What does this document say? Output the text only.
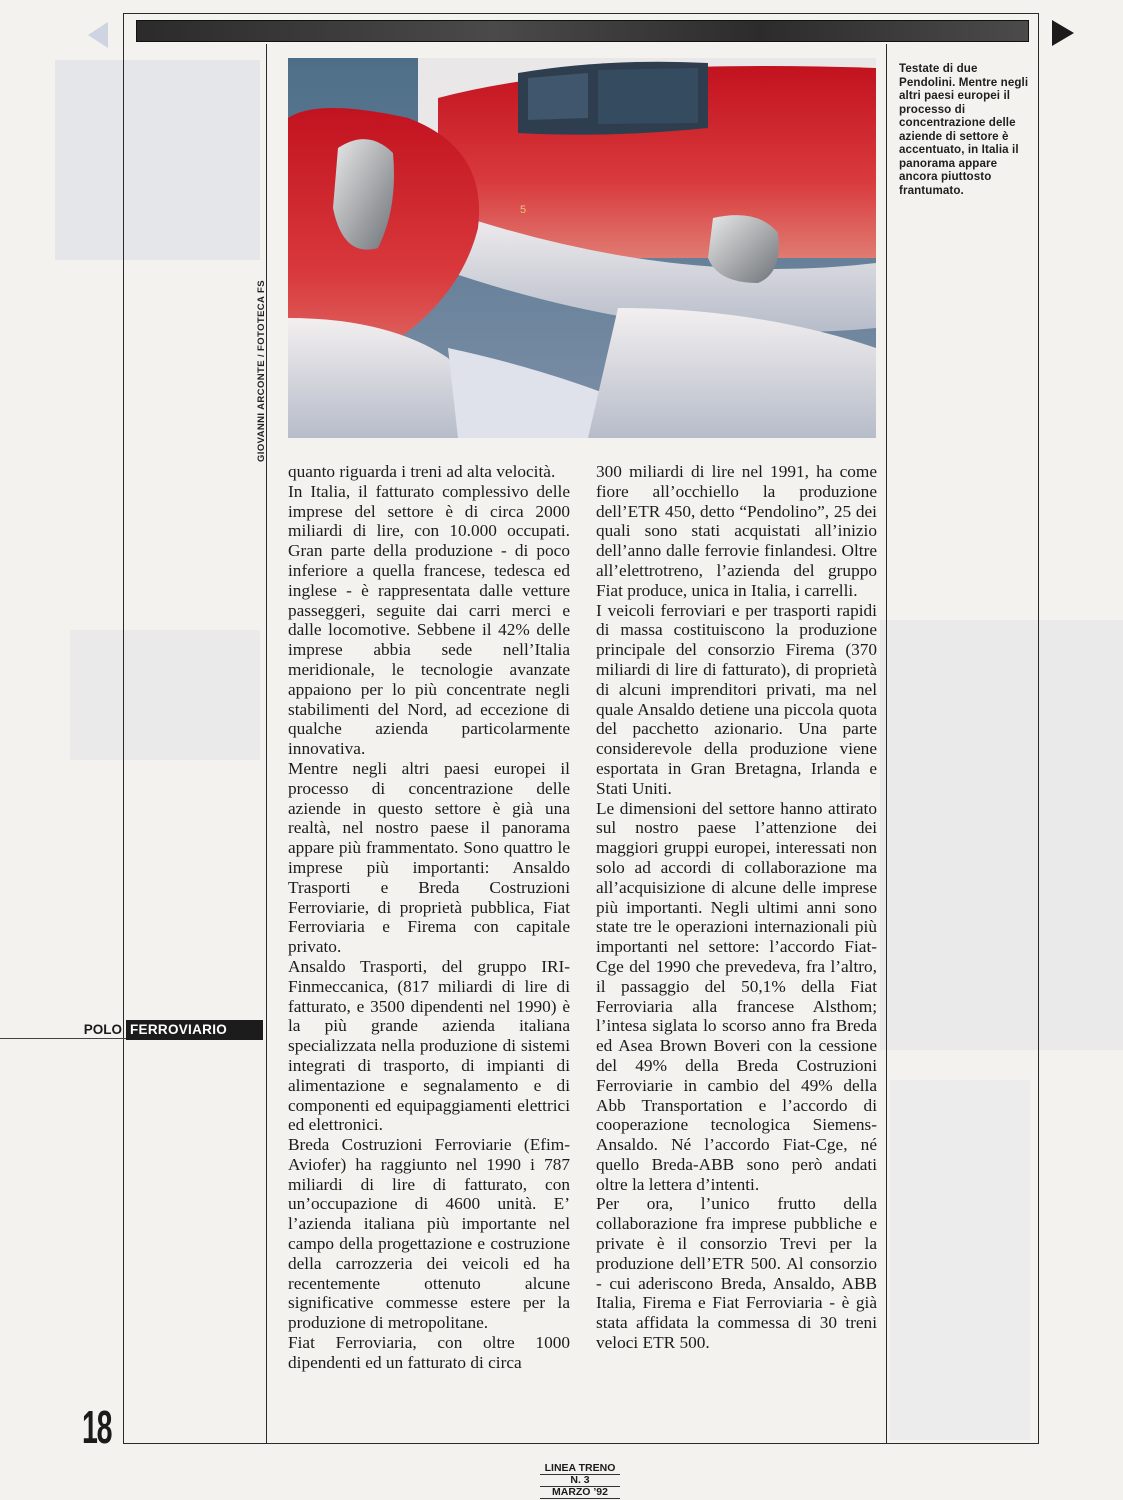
5
GIOVANNI ARCONTE / FOTOTECA FS
Testate di due Pendolini. Mentre negli altri paesi europei il processo di concentrazione delle aziende di settore è accentuato, in Italia il panorama appare ancora piuttosto frantumato.

quanto riguarda i treni ad alta velocità.

In Italia, il fatturato complessivo delle imprese del settore è di circa 2000 miliardi di lire, con 10.000 occupati. Gran parte della produzione - di poco inferiore a quella francese, tedesca ed inglese - è rappresentata dalle vetture passeggeri, seguite dai carri merci e dalle locomotive. Sebbene il 42% delle imprese abbia sede nell’Italia meridionale, le tecnologie avanzate appaiono per lo più concentrate negli stabilimenti del Nord, ad eccezione di qualche azienda particolarmente innovativa.

Mentre negli altri paesi europei il processo di concentrazione delle aziende in questo settore è già una realtà, nel nostro paese il panorama appare più frammentato. Sono quattro le imprese più importanti: Ansaldo Trasporti e Breda Costruzioni Ferroviarie, di proprietà pubblica, Fiat Ferroviaria e Firema con capitale privato.

Ansaldo Trasporti, del gruppo IRI-Finmeccanica, (817 miliardi di lire di fatturato, e 3500 dipendenti nel 1990) è la più grande azienda italiana specializzata nella produzione di sistemi integrati di trasporto, di impianti di alimentazione e segnalamento e di componenti ed equipaggiamenti elettrici ed elettronici.

Breda Costruzioni Ferroviarie (Efim-Aviofer) ha raggiunto nel 1990 i 787 miliardi di lire di fatturato, con un’occupazione di 4600 unità. E’ l’azienda italiana più importante nel campo della progettazione e costruzione della carrozzeria dei veicoli ed ha recentemente ottenuto alcune significative commesse estere per la produzione di metropolitane.

Fiat Ferroviaria, con oltre 1000 dipendenti ed un fatturato di circa

300 miliardi di lire nel 1991, ha come fiore all’occhiello la produzione dell’ETR 450, detto “Pendolino”, 25 dei quali sono stati acquistati all’inizio dell’anno dalle ferrovie finlandesi. Oltre all’elettrotreno, l’azienda del gruppo Fiat produce, unica in Italia, i carrelli.

I veicoli ferroviari e per trasporti rapidi di massa costituiscono la produzione principale del consorzio Firema (370 miliardi di lire di fatturato), di proprietà di alcuni imprenditori privati, ma nel quale Ansaldo detiene una piccola quota del pacchetto azionario. Una parte considerevole della produzione viene esportata in Gran Bretagna, Irlanda e Stati Uniti.

Le dimensioni del settore hanno attirato sul nostro paese l’attenzione dei maggiori gruppi europei, interessati non solo ad accordi di collaborazione ma all’acquisizione di alcune delle imprese più importanti. Negli ultimi anni sono state tre le operazioni internazionali più importanti nel settore: l’accordo Fiat-Cge del 1990 che prevedeva, fra l’altro, il passaggio del 50,1% della Fiat Ferroviaria alla francese Alsthom; l’intesa siglata lo scorso anno fra Breda ed Asea Brown Boveri con la cessione del 49% della Breda Costruzioni Ferroviarie in cambio del 49% della Abb Transportation e l’accordo di cooperazione tecnologica Siemens-Ansaldo. Né l’accordo Fiat-Cge, né quello Breda-ABB sono però andati oltre la lettera d’intenti.

Per ora, l’unico frutto della collaborazione fra imprese pubbliche e private è il consorzio Trevi per la produzione dell’ETR 500. Al consorzio - cui aderiscono Breda, Ansaldo, ABB Italia, Firema e Fiat Ferroviaria - è già stata affidata la commessa di 30 treni veloci ETR 500.

POLO FERROVIARIO
18
LINEA TRENO
N. 3
MARZO ’92
